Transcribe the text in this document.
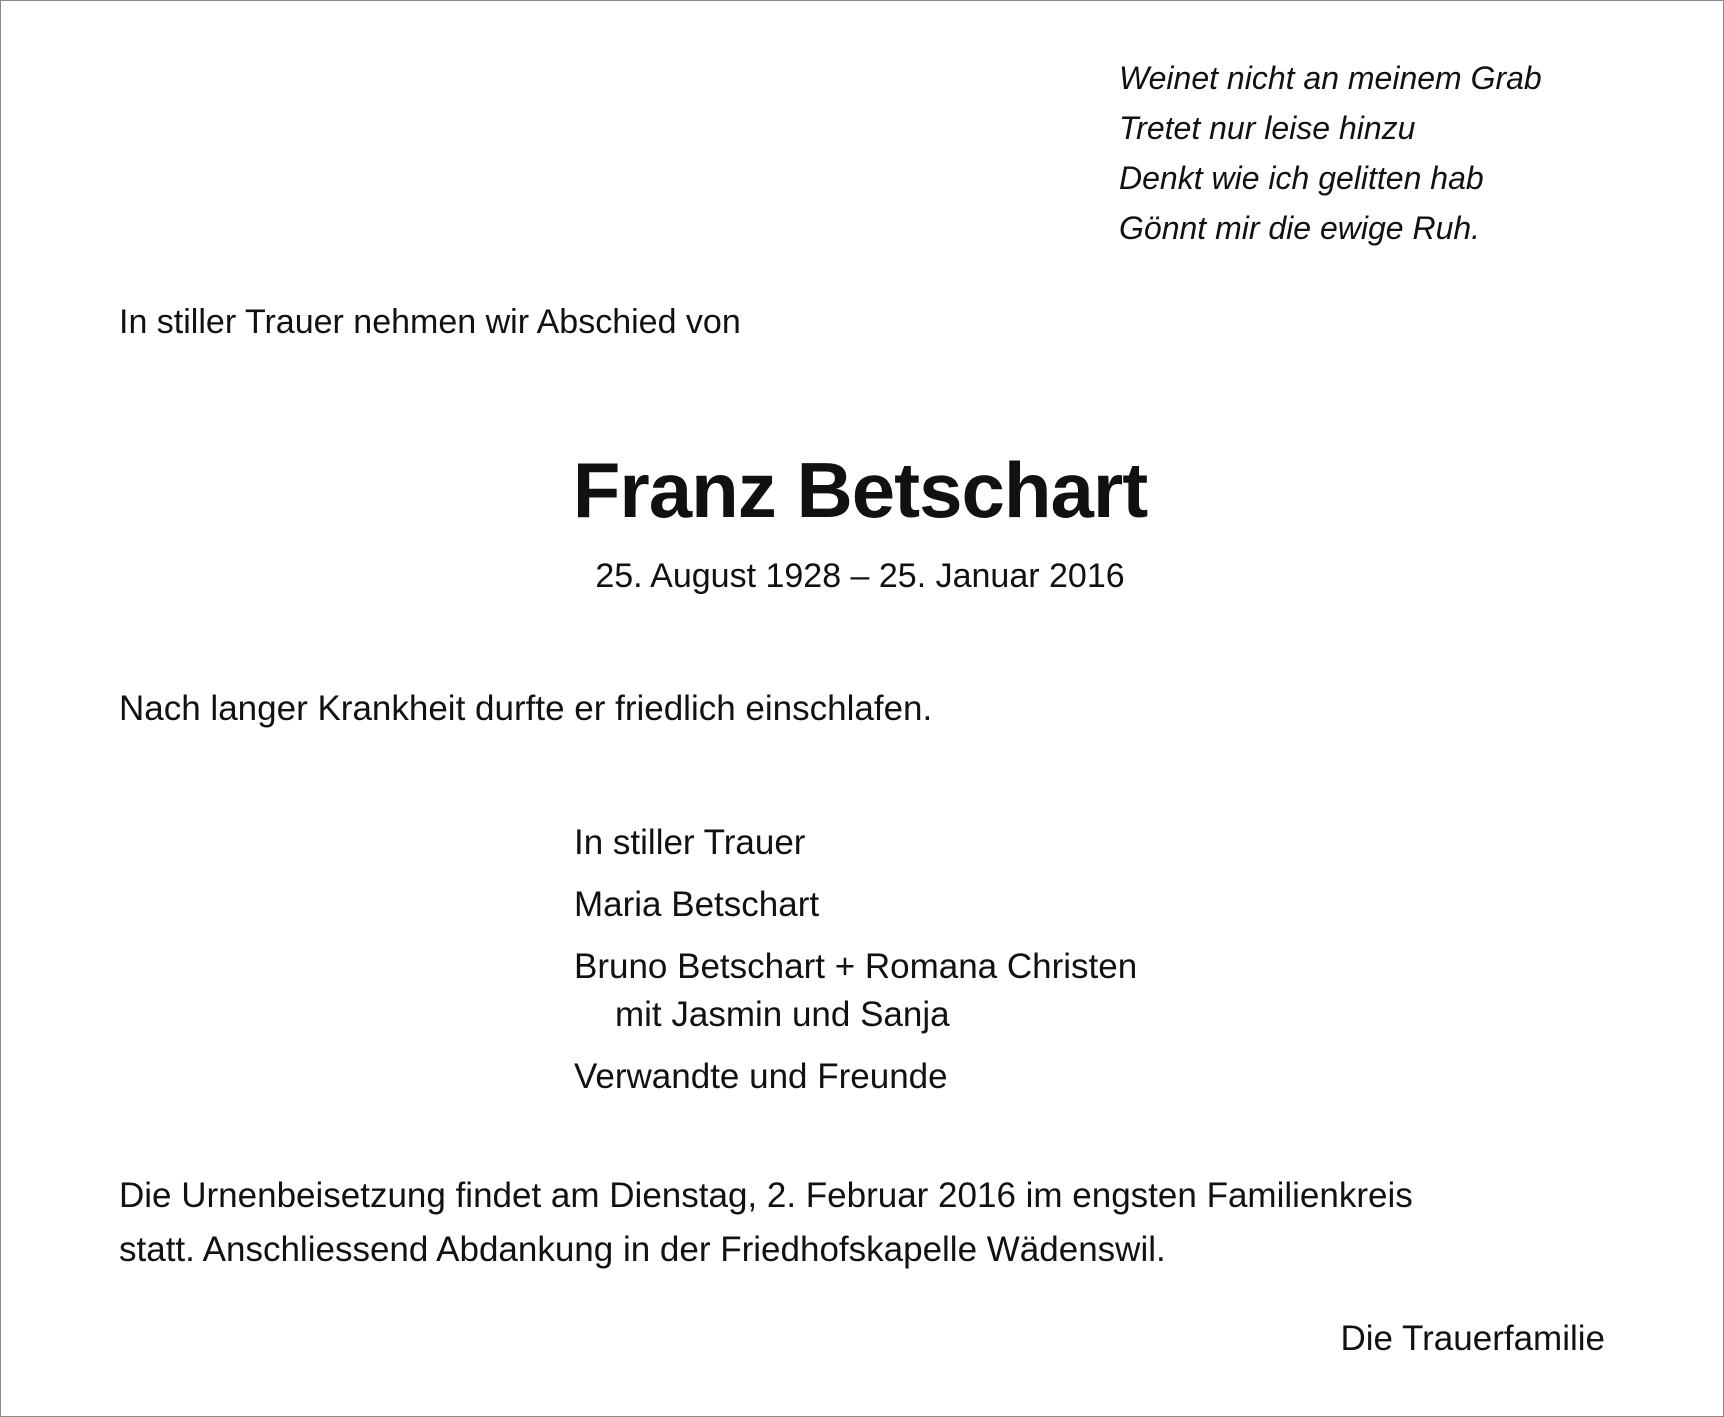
Weinet nicht an meinem Grab
Tretet nur leise hinzu
Denkt wie ich gelitten hab
Gönnt mir die ewige Ruh.
In stiller Trauer nehmen wir Abschied von
Franz Betschart
25. August 1928 – 25. Januar 2016
Nach langer Krankheit durfte er friedlich einschlafen.
In stiller Trauer
Maria Betschart
Bruno Betschart + Romana Christen
mit Jasmin und Sanja
Verwandte und Freunde
Die Urnenbeisetzung findet am Dienstag, 2. Februar 2016 im engsten Familienkreis
statt. Anschliessend Abdankung in der Friedhofskapelle Wädenswil.
Die Trauerfamilie
